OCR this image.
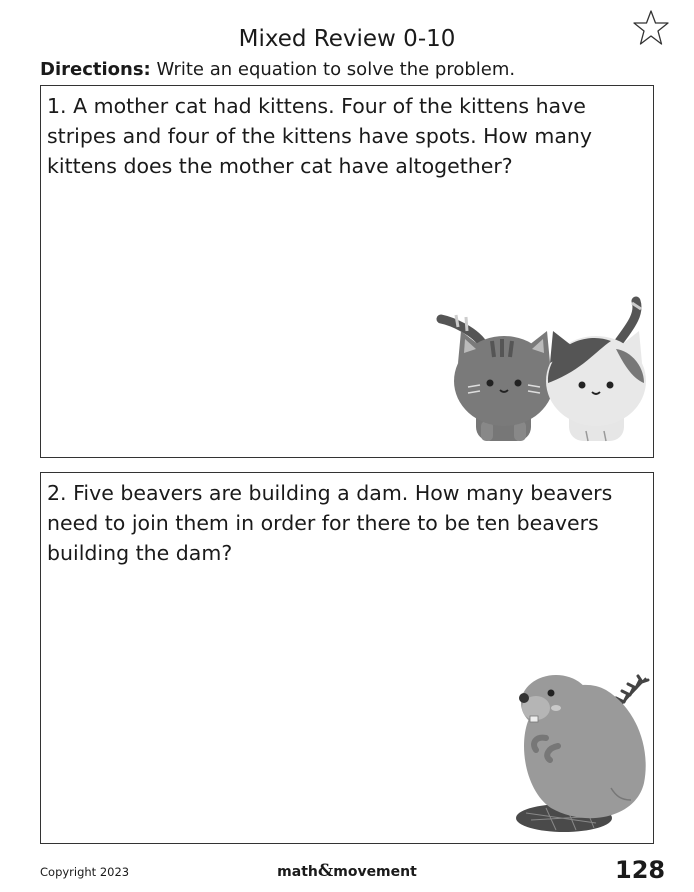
Mixed Review 0-10
Directions: Write an equation to solve the problem.
1. A mother cat had kittens. Four of the kittens have
stripes and four of the kittens have spots. How many
kittens does the mother cat have altogether?
2. Five beavers are building a dam. How many beavers
need to join them in order for there to be ten beavers
building the dam?
Copyright 2023	math&movement	128
